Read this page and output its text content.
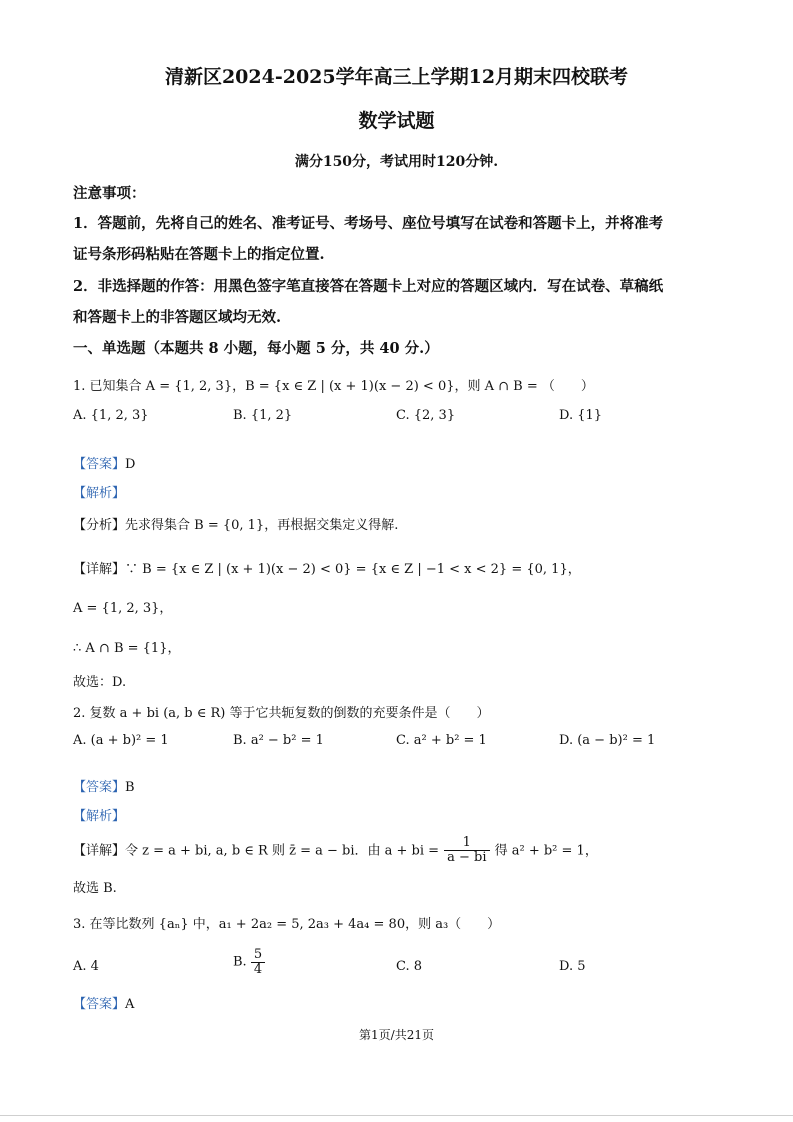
清新区2024-2025学年高三上学期12月期末四校联考
数学试题
满分150分，考试用时120分钟.
注意事项：
1．答题前，先将自己的姓名、准考证号、考场号、座位号填写在试卷和答题卡上，并将准考
证号条形码粘贴在答题卡上的指定位置.
2．非选择题的作答：用黑色签字笔直接答在答题卡上对应的答题区域内．写在试卷、草稿纸
和答题卡上的非答题区域均无效.
一、单选题（本题共 8 小题，每小题 5 分，共 40 分.）
1. 已知集合 A = {1, 2, 3}，B = {x ∈ Z | (x + 1)(x − 2) < 0}，则 A ∩ B = （　　）
A. {1, 2, 3}	B. {1, 2}	C. {2, 3}	D. {1}
【答案】D
【解析】
【分析】先求得集合 B = {0, 1}，再根据交集定义得解.
【详解】∵ B = {x ∈ Z | (x + 1)(x − 2) < 0} = {x ∈ Z | −1 < x < 2} = {0, 1}，
A = {1, 2, 3}，
∴ A ∩ B = {1}，
故选：D.
2. 复数 a + bi (a, b ∈ R) 等于它共轭复数的倒数的充要条件是（　　）
A. (a + b)² = 1	B. a² − b² = 1	C. a² + b² = 1	D. (a − b)² = 1
【答案】B
【解析】
【详解】令 z = a + bi, a, b ∈ R 则 z̄ = a − bi．由 a + bi = $\frac{1}{a - bi}$ 得 a² + b² = 1，
故选 B.
3. 在等比数列 {aₙ} 中，a₁ + 2a₂ = 5, 2a₃ + 4a₄ = 80，则 a₃（　　）
A. 4	B. $\frac{5}{4}$	C. 8	D. 5
【答案】A
第1页/共21页
